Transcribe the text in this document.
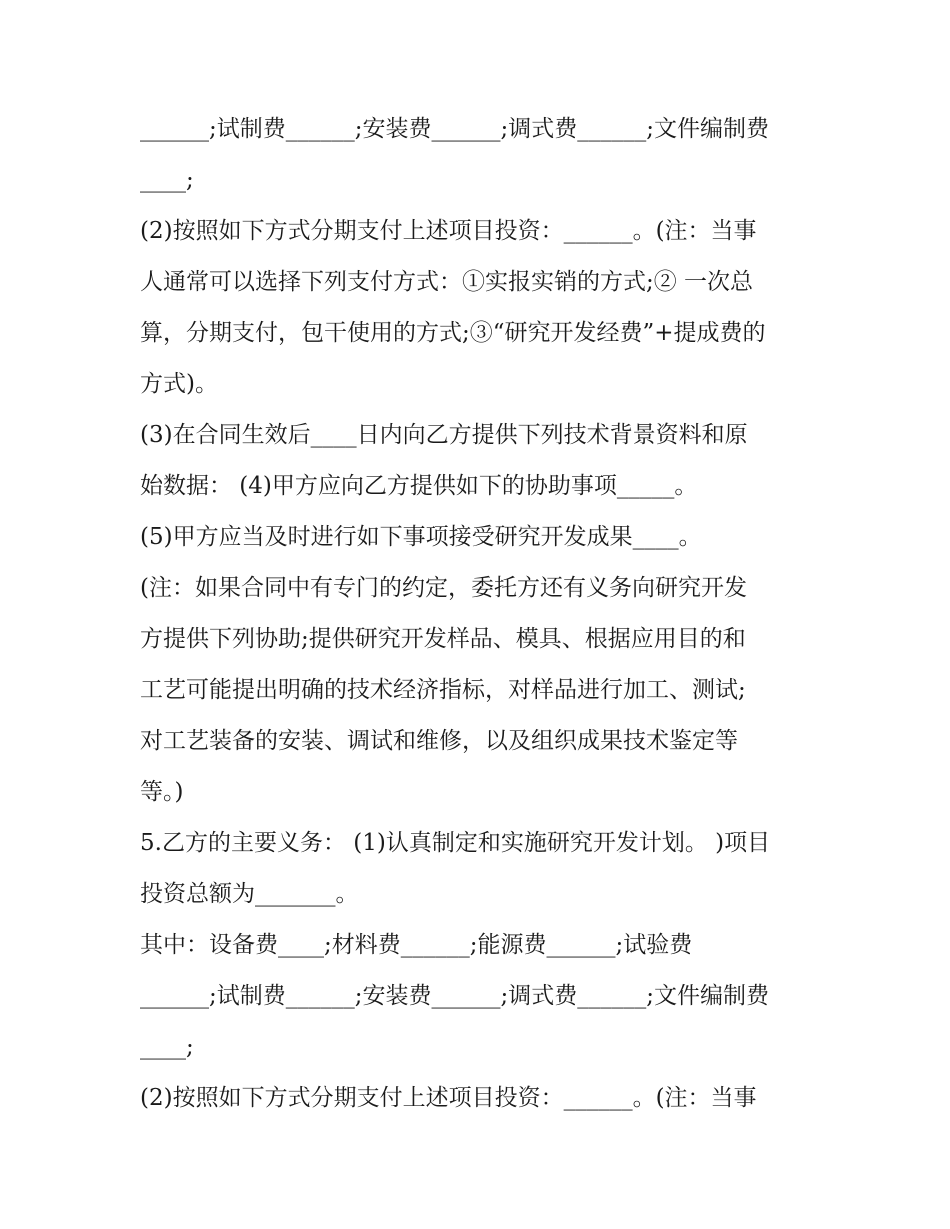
______;试制费______;安装费______;调式费______;文件编制费
____;
(2)按照如下方式分期支付上述项目投资：______。(注：当事
人通常可以选择下列支付方式：①实报实销的方式;② 一次总
算，分期支付，包干使用的方式;③“研究开发经费”+提成费的
方式)。
(3)在合同生效后____日内向乙方提供下列技术背景资料和原
始数据： (4)甲方应向乙方提供如下的协助事项_____。
(5)甲方应当及时进行如下事项接受研究开发成果____。
(注：如果合同中有专门的约定，委托方还有义务向研究开发
方提供下列协助;提供研究开发样品、模具、根据应用目的和
工艺可能提出明确的技术经济指标，对样品进行加工、测试;
对工艺装备的安装、调试和维修，以及组织成果技术鉴定等
等。)
5.乙方的主要义务： (1)认真制定和实施研究开发计划。 )项目
投资总额为_______。
其中：设备费____;材料费______;能源费______;试验费
______;试制费______;安装费______;调式费______;文件编制费
____;
(2)按照如下方式分期支付上述项目投资：______。(注：当事
